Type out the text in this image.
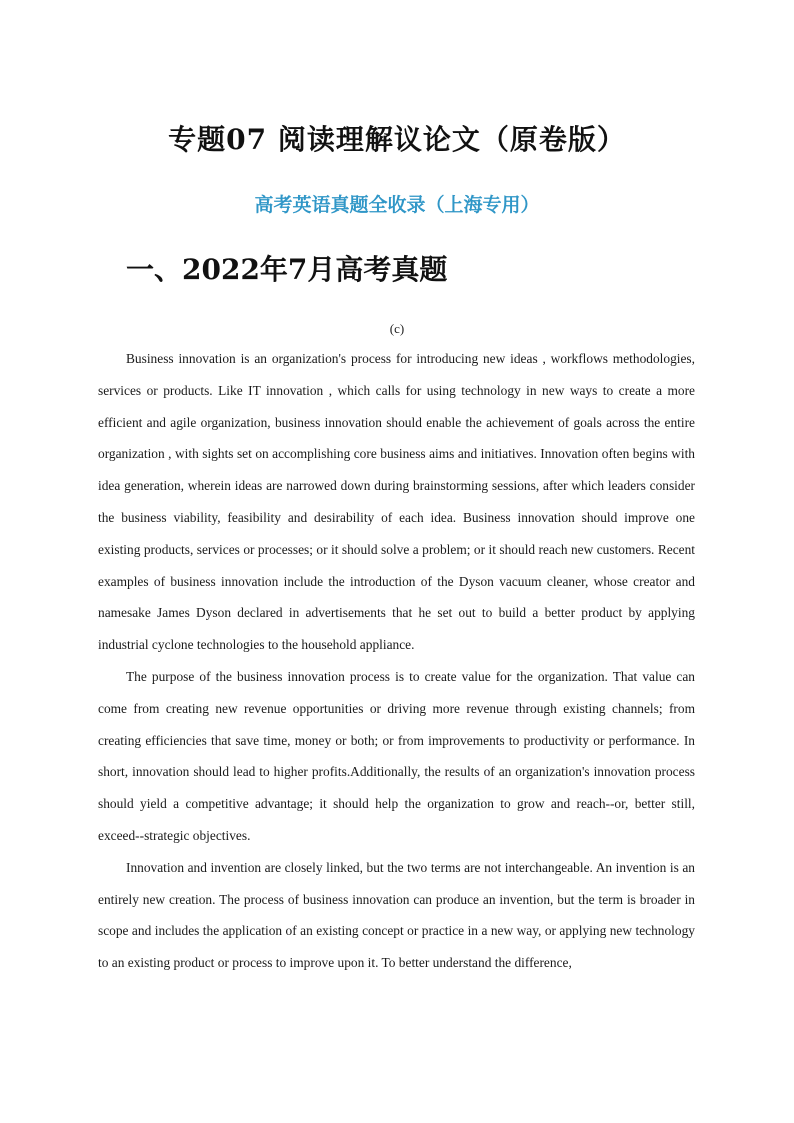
专题07 阅读理解议论文（原卷版）
高考英语真题全收录（上海专用）
一、2022年7月高考真题
(c)

Business innovation is an organization's process for introducing new ideas , workflows methodologies, services or products. Like IT innovation , which calls for using technology in new ways to create a more efficient and agile organization, business innovation should enable the achievement of goals across the entire organization , with sights set on accomplishing core business aims and initiatives. Innovation often begins with idea generation, wherein ideas are narrowed down during brainstorming sessions, after which leaders consider the business viability, feasibility and desirability of each idea. Business innovation should improve one existing products, services or processes; or it should solve a problem; or it should reach new customers. Recent examples of business innovation include the introduction of the Dyson vacuum cleaner, whose creator and namesake James Dyson declared in advertisements that he set out to build a better product by applying industrial cyclone technologies to the household appliance.

The purpose of the business innovation process is to create value for the organization. That value can come from creating new revenue opportunities or driving more revenue through existing channels; from creating efficiencies that save time, money or both; or from improvements to productivity or performance. In short, innovation should lead to higher profits.Additionally, the results of an organization's innovation process should yield a competitive advantage; it should help the organization to grow and reach--or, better still, exceed--strategic objectives.

Innovation and invention are closely linked, but the two terms are not interchangeable. An invention is an entirely new creation. The process of business innovation can produce an invention, but the term is broader in scope and includes the application of an existing concept or practice in a new way, or applying new technology to an existing product or process to improve upon it. To better understand the difference,
